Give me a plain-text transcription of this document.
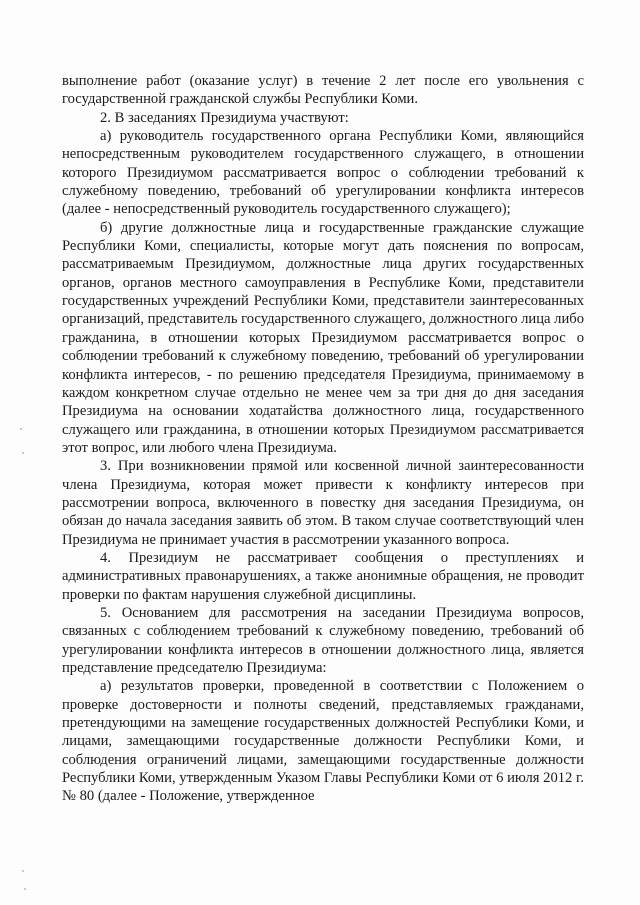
выполнение работ (оказание услуг) в течение 2 лет после его увольнения с государственной гражданской службы Республики Коми.

2. В заседаниях Президиума участвуют:

а) руководитель государственного органа Республики Коми, являющийся непосредственным руководителем государственного служащего, в отношении которого Президиумом рассматривается вопрос о соблюдении требований к служебному поведению, требований об урегулировании конфликта интересов (далее - непосредственный руководитель государственного служащего);

б) другие должностные лица и государственные гражданские служащие Республики Коми, специалисты, которые могут дать пояснения по вопросам, рассматриваемым Президиумом, должностные лица других государственных органов, органов местного самоуправления в Республике Коми, представители государственных учреждений Республики Коми, представители заинтересованных организаций, представитель государственного служащего, должностного лица либо гражданина, в отношении которых Президиумом рассматривается вопрос о соблюдении требований к служебному поведению, требований об урегулировании конфликта интересов, - по решению председателя Президиума, принимаемому в каждом конкретном случае отдельно не менее чем за три дня до дня заседания Президиума на основании ходатайства должностного лица, государственного служащего или гражданина, в отношении которых Президиумом рассматривается этот вопрос, или любого члена Президиума.

3. При возникновении прямой или косвенной личной заинтересованности члена Президиума, которая может привести к конфликту интересов при рассмотрении вопроса, включенного в повестку дня заседания Президиума, он обязан до начала заседания заявить об этом. В таком случае соответствующий член Президиума не принимает участия в рассмотрении указанного вопроса.

4. Президиум не рассматривает сообщения о преступлениях и административных правонарушениях, а также анонимные обращения, не проводит проверки по фактам нарушения служебной дисциплины.

5. Основанием для рассмотрения на заседании Президиума вопросов, связанных с соблюдением требований к служебному поведению, требований об урегулировании конфликта интересов в отношении должностного лица, является представление председателю Президиума:

а) результатов проверки, проведенной в соответствии с Положением о проверке достоверности и полноты сведений, представляемых гражданами, претендующими на замещение государственных должностей Республики Коми, и лицами, замещающими государственные должности Республики Коми, и соблюдения ограничений лицами, замещающими государственные должности Республики Коми, утвержденным Указом Главы Республики Коми от 6 июля 2012 г. № 80 (далее - Положение, утвержденное
